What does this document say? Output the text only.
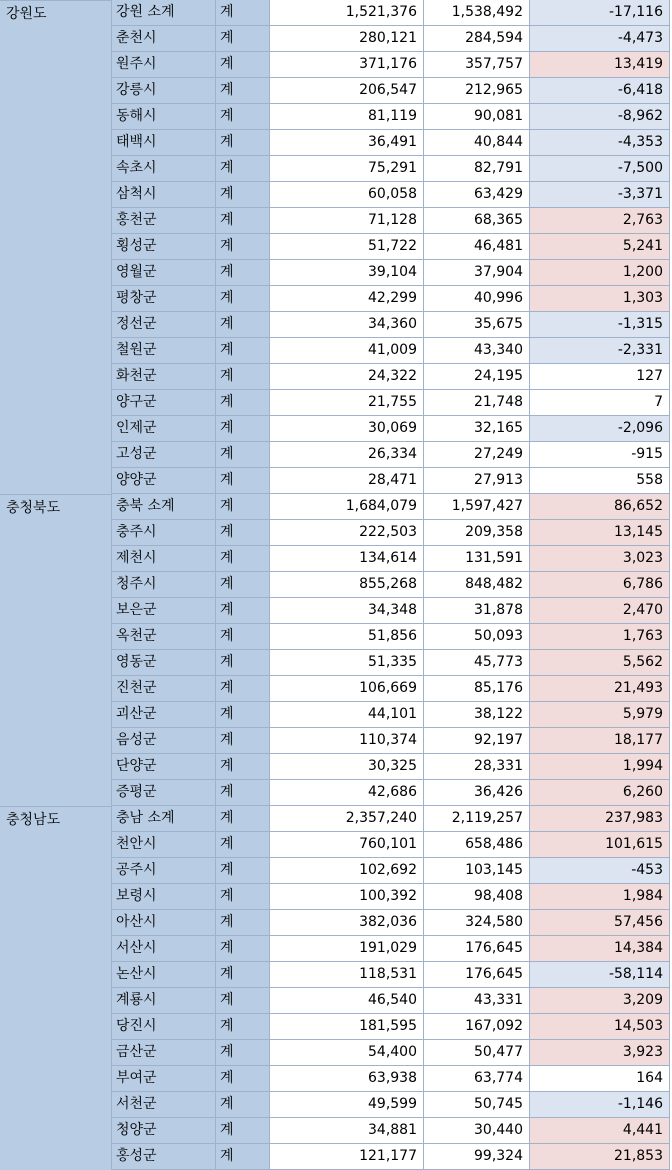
강원도	강원 소계	계	1,521,376	1,538,492	-17,116
춘천시	계	280,121	284,594	-4,473
원주시	계	371,176	357,757	13,419
강릉시	계	206,547	212,965	-6,418
동해시	계	81,119	90,081	-8,962
태백시	계	36,491	40,844	-4,353
속초시	계	75,291	82,791	-7,500
삼척시	계	60,058	63,429	-3,371
홍천군	계	71,128	68,365	2,763
횡성군	계	51,722	46,481	5,241
영월군	계	39,104	37,904	1,200
평창군	계	42,299	40,996	1,303
정선군	계	34,360	35,675	-1,315
철원군	계	41,009	43,340	-2,331
화천군	계	24,322	24,195	127
양구군	계	21,755	21,748	7
인제군	계	30,069	32,165	-2,096
고성군	계	26,334	27,249	-915
양양군	계	28,471	27,913	558
충청북도	충북 소계	계	1,684,079	1,597,427	86,652
충주시	계	222,503	209,358	13,145
제천시	계	134,614	131,591	3,023
청주시	계	855,268	848,482	6,786
보은군	계	34,348	31,878	2,470
옥천군	계	51,856	50,093	1,763
영동군	계	51,335	45,773	5,562
진천군	계	106,669	85,176	21,493
괴산군	계	44,101	38,122	5,979
음성군	계	110,374	92,197	18,177
단양군	계	30,325	28,331	1,994
증평군	계	42,686	36,426	6,260
충청남도	충남 소계	계	2,357,240	2,119,257	237,983
천안시	계	760,101	658,486	101,615
공주시	계	102,692	103,145	-453
보령시	계	100,392	98,408	1,984
아산시	계	382,036	324,580	57,456
서산시	계	191,029	176,645	14,384
논산시	계	118,531	176,645	-58,114
계룡시	계	46,540	43,331	3,209
당진시	계	181,595	167,092	14,503
금산군	계	54,400	50,477	3,923
부여군	계	63,938	63,774	164
서천군	계	49,599	50,745	-1,146
청양군	계	34,881	30,440	4,441
홍성군	계	121,177	99,324	21,853
